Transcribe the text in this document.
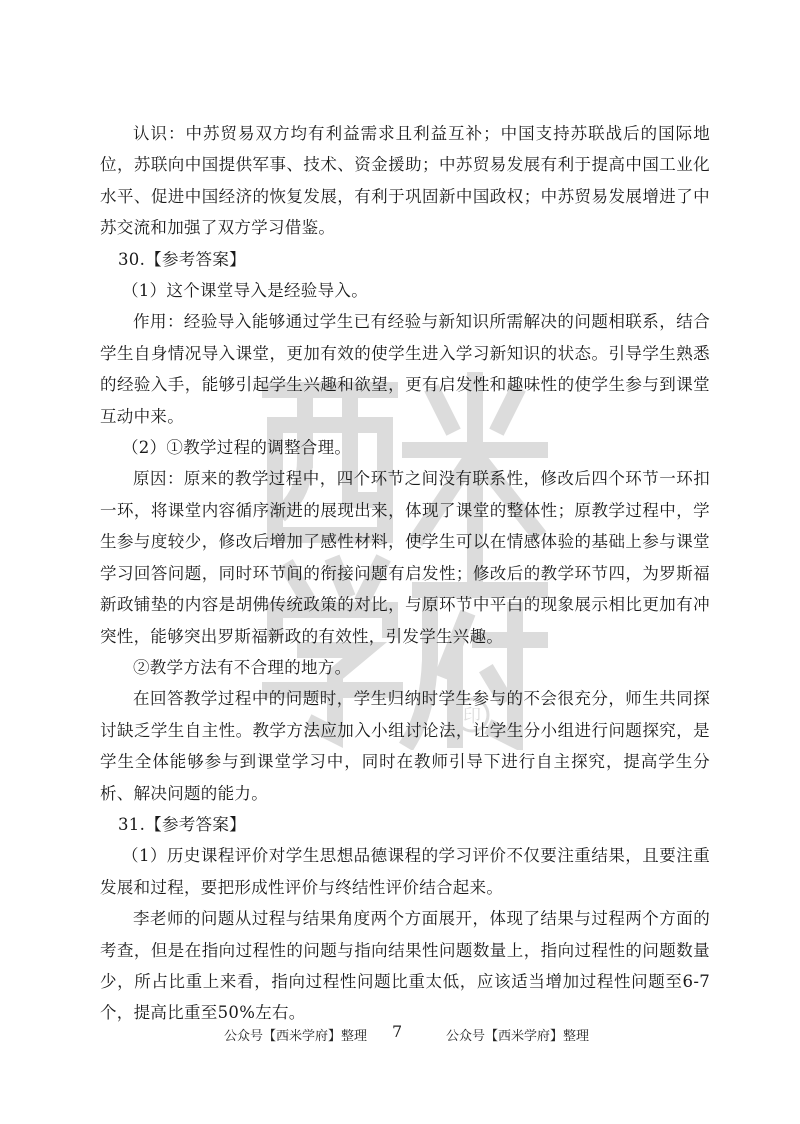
印

认识：中苏贸易双方均有利益需求且利益互补；中国支持苏联战后的国际地位，苏联向中国提供军事、技术、资金援助；中苏贸易发展有利于提高中国工业化水平、促进中国经济的恢复发展，有利于巩固新中国政权；中苏贸易发展增进了中苏交流和加强了双方学习借鉴。

30.【参考答案】

（1）这个课堂导入是经验导入。

作用：经验导入能够通过学生已有经验与新知识所需解决的问题相联系，结合学生自身情况导入课堂，更加有效的使学生进入学习新知识的状态。引导学生熟悉的经验入手，能够引起学生兴趣和欲望，更有启发性和趣味性的使学生参与到课堂互动中来。

（2）①教学过程的调整合理。

原因：原来的教学过程中，四个环节之间没有联系性，修改后四个环节一环扣一环，将课堂内容循序渐进的展现出来，体现了课堂的整体性；原教学过程中，学生参与度较少，修改后增加了感性材料，使学生可以在情感体验的基础上参与课堂学习回答问题，同时环节间的衔接问题有启发性；修改后的教学环节四，为罗斯福新政铺垫的内容是胡佛传统政策的对比，与原环节中平白的现象展示相比更加有冲突性，能够突出罗斯福新政的有效性，引发学生兴趣。

②教学方法有不合理的地方。

在回答教学过程中的问题时，学生归纳时学生参与的不会很充分，师生共同探讨缺乏学生自主性。教学方法应加入小组讨论法，让学生分小组进行问题探究，是学生全体能够参与到课堂学习中，同时在教师引导下进行自主探究，提高学生分析、解决问题的能力。

31.【参考答案】

（1）历史课程评价对学生思想品德课程的学习评价不仅要注重结果，且要注重发展和过程，要把形成性评价与终结性评价结合起来。

李老师的问题从过程与结果角度两个方面展开，体现了结果与过程两个方面的考查，但是在指向过程性的问题与指向结果性问题数量上，指向过程性的问题数量少，所占比重上来看，指向过程性问题比重太低，应该适当增加过程性问题至6-7个，提高比重至50%左右。

公众号【西米学府】整理 7	公众号【西米学府】整理
